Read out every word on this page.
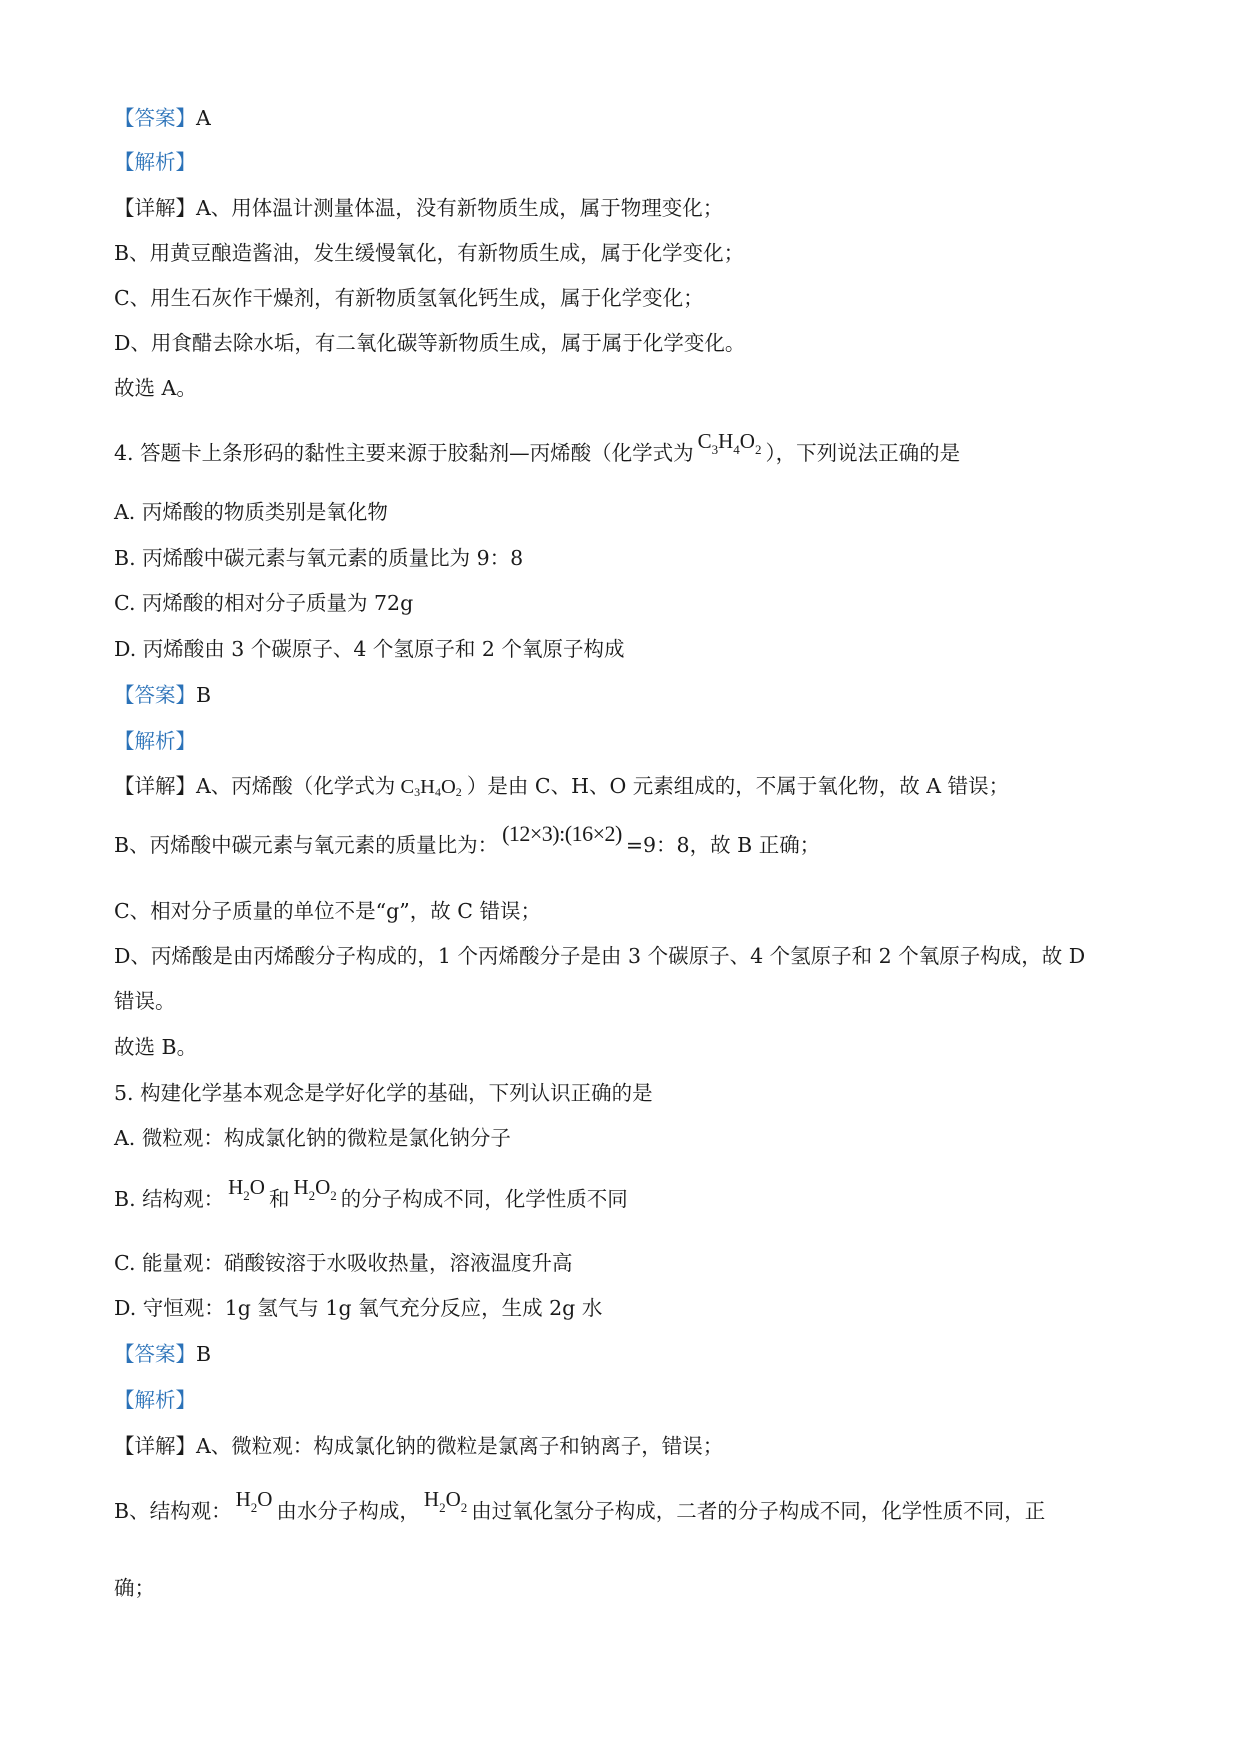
【答案】A
【解析】
【详解】A、用体温计测量体温，没有新物质生成，属于物理变化；
B、用黄豆酿造酱油，发生缓慢氧化，有新物质生成，属于化学变化；
C、用生石灰作干燥剂，有新物质氢氧化钙生成，属于化学变化；
D、用食醋去除水垢，有二氧化碳等新物质生成，属于属于化学变化。
故选 A。
4. 答题卡上条形码的黏性主要来源于胶黏剂—丙烯酸（化学式为 $C_3H_4O_2$ ），下列说法正确的是
A. 丙烯酸的物质类别是氧化物
B. 丙烯酸中碳元素与氧元素的质量比为 9：8
C. 丙烯酸的相对分子质量为 72g
D. 丙烯酸由 3 个碳原子、4 个氢原子和 2 个氧原子构成
【答案】B
【解析】
【详解】A、丙烯酸（化学式为 $C_3H_4O_2$ ）是由 C、H、O 元素组成的，不属于氧化物，故 A 错误；
B、丙烯酸中碳元素与氧元素的质量比为： (12×3):(16×2) =9：8，故 B 正确；
C、相对分子质量的单位不是“g”，故 C 错误；
D、丙烯酸是由丙烯酸分子构成的，1 个丙烯酸分子是由 3 个碳原子、4 个氢原子和 2 个氧原子构成，故 D
错误。
故选 B。
5. 构建化学基本观念是学好化学的基础，下列认识正确的是
A. 微粒观：构成氯化钠的微粒是氯化钠分子
B. 结构观： $H_2O$ 和 $H_2O_2$ 的分子构成不同，化学性质不同
C. 能量观：硝酸铵溶于水吸收热量，溶液温度升高
D. 守恒观：1g 氢气与 1g 氧气充分反应，生成 2g 水
【答案】B
【解析】
【详解】A、微粒观：构成氯化钠的微粒是氯离子和钠离子，错误；
B、结构观： $H_2O$ 由水分子构成， $H_2O_2$ 由过氧化氢分子构成，二者的分子构成不同，化学性质不同，正
确；
